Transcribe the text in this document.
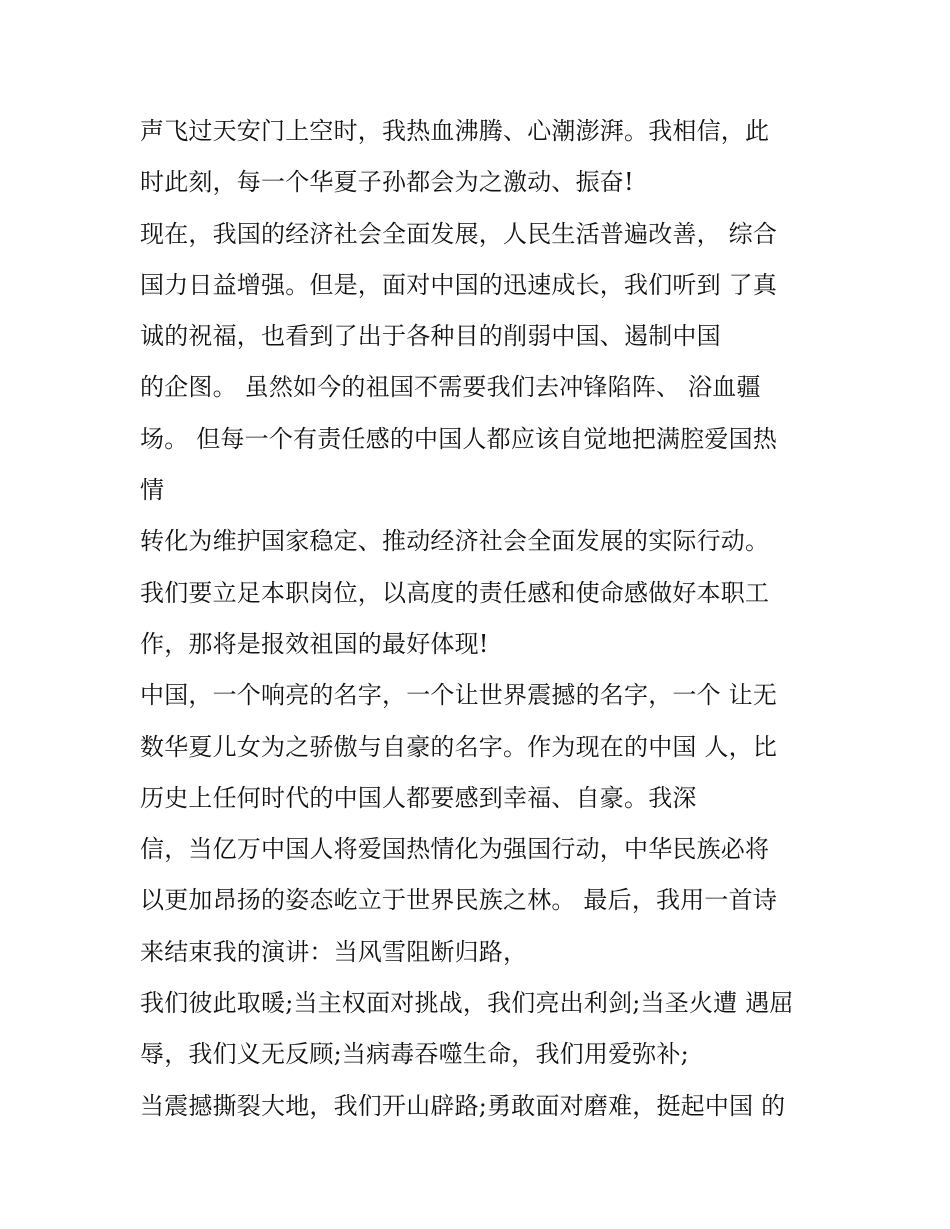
声飞过天安门上空时，我热血沸腾、心潮澎湃。我相信，此
时此刻，每一个华夏子孙都会为之激动、振奋!
现在，我国的经济社会全面发展，人民生活普遍改善， 综合
国力日益增强。但是，面对中国的迅速成长，我们听到 了真
诚的祝福，也看到了出于各种目的削弱中国、遏制中国
的企图。 虽然如今的祖国不需要我们去冲锋陷阵、 浴血疆
场。 但每一个有责任感的中国人都应该自觉地把满腔爱国热
情
转化为维护国家稳定、推动经济社会全面发展的实际行动。
我们要立足本职岗位，以高度的责任感和使命感做好本职工
作，那将是报效祖国的最好体现!
中国，一个响亮的名字，一个让世界震撼的名字，一个 让无
数华夏儿女为之骄傲与自豪的名字。作为现在的中国 人，比
历史上任何时代的中国人都要感到幸福、自豪。我深
信，当亿万中国人将爱国热情化为强国行动，中华民族必将
以更加昂扬的姿态屹立于世界民族之林。 最后，我用一首诗
来结束我的演讲：当风雪阻断归路，
我们彼此取暖;当主权面对挑战，我们亮出利剑;当圣火遭 遇屈
辱，我们义无反顾;当病毒吞噬生命，我们用爱弥补;
当震撼撕裂大地，我们开山辟路;勇敢面对磨难，挺起中国 的
